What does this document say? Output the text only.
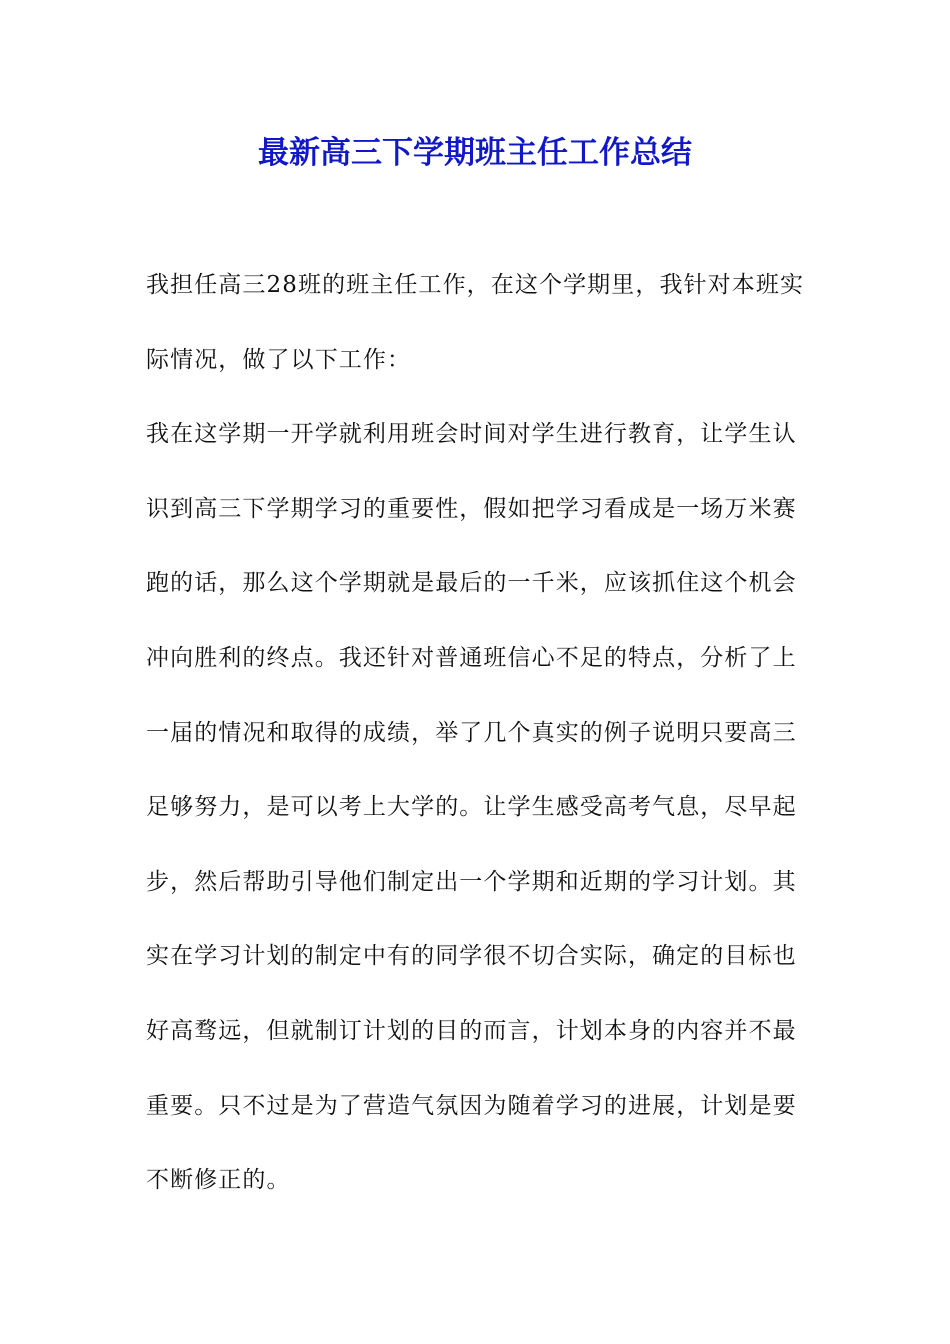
最新高三下学期班主任工作总结
我担任高三28班的班主任工作，在这个学期里，我针对本班实
际情况，做了以下工作：
我在这学期一开学就利用班会时间对学生进行教育，让学生认
识到高三下学期学习的重要性，假如把学习看成是一场万米赛
跑的话，那么这个学期就是最后的一千米，应该抓住这个机会
冲向胜利的终点。我还针对普通班信心不足的特点，分析了上
一届的情况和取得的成绩，举了几个真实的例子说明只要高三
足够努力，是可以考上大学的。让学生感受高考气息，尽早起
步，然后帮助引导他们制定出一个学期和近期的学习计划。其
实在学习计划的制定中有的同学很不切合实际，确定的目标也
好高骛远，但就制订计划的目的而言，计划本身的内容并不最
重要。只不过是为了营造气氛因为随着学习的进展，计划是要
不断修正的。
